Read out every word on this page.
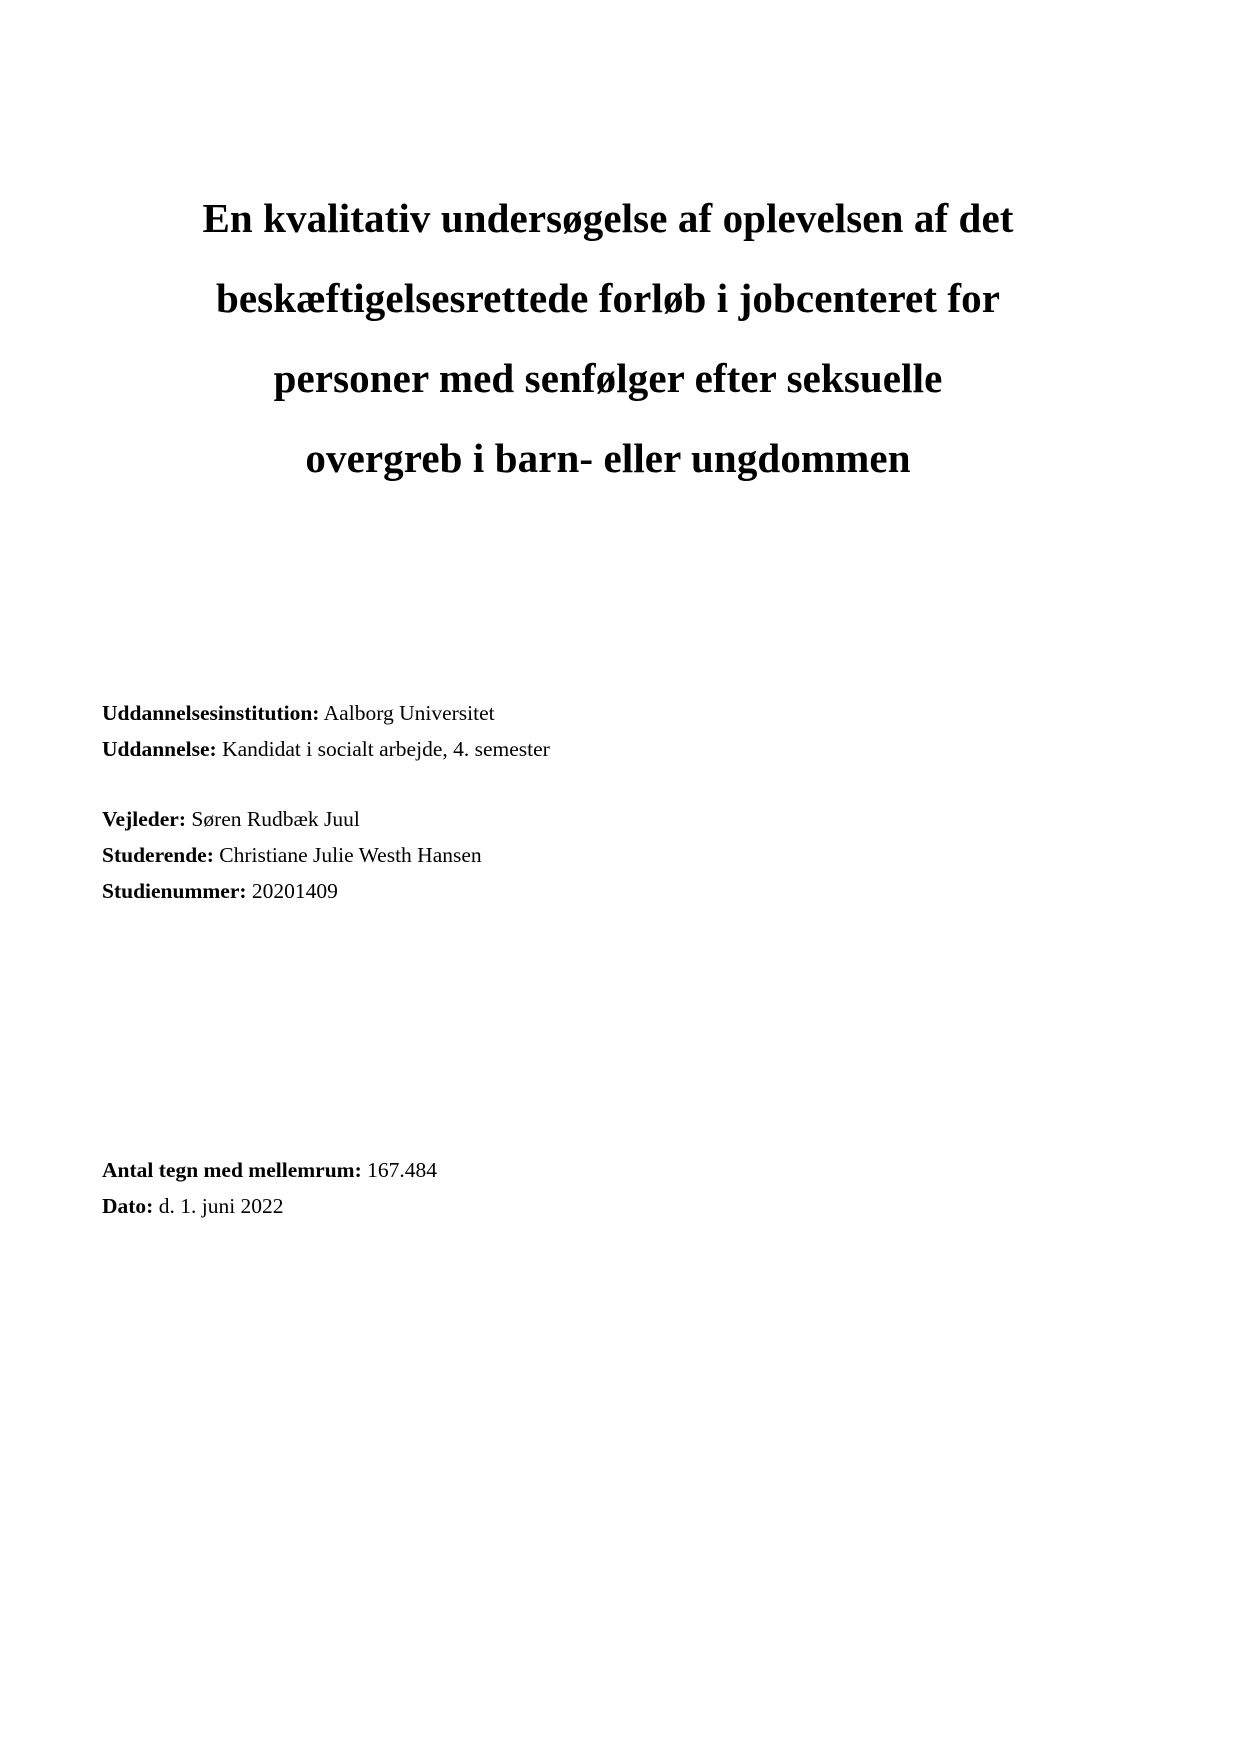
En kvalitativ undersøgelse af oplevelsen af det
beskæftigelsesrettede forløb i jobcenteret for
personer med senfølger efter seksuelle
overgreb i barn- eller ungdommen
Uddannelsesinstitution: Aalborg Universitet
Uddannelse: Kandidat i socialt arbejde, 4. semester
Vejleder: Søren Rudbæk Juul
Studerende: Christiane Julie Westh Hansen
Studienummer: 20201409
Antal tegn med mellemrum: 167.484
Dato: d. 1. juni 2022
